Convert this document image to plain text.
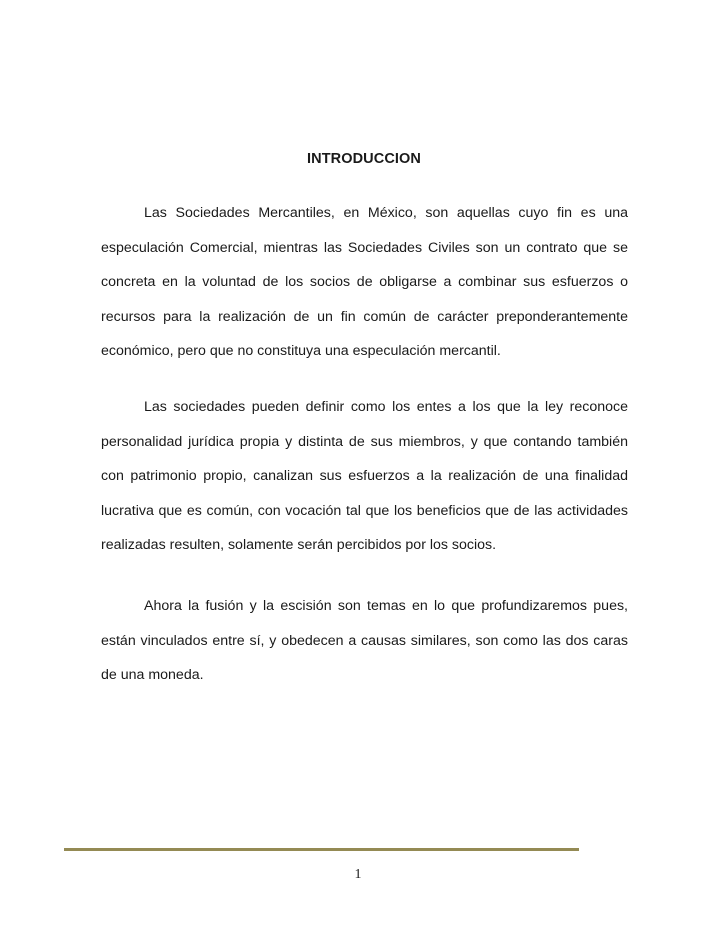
INTRODUCCION

Las Sociedades Mercantiles, en México, son aquellas cuyo fin es una especulación Comercial, mientras las Sociedades Civiles son un contrato que se concreta en la voluntad de los socios de obligarse a combinar sus esfuerzos o recursos para la realización de un fin común de carácter preponderantemente económico, pero que no constituya una especulación mercantil.

Las sociedades pueden definir como los entes a los que la ley reconoce personalidad jurídica propia y distinta de sus miembros, y que contando también con patrimonio propio, canalizan sus esfuerzos a la realización de una finalidad lucrativa que es común, con vocación tal que los beneficios que de las actividades realizadas resulten, solamente serán percibidos por los socios.

Ahora la fusión y la escisión son temas en lo que profundizaremos pues, están vinculados entre sí, y obedecen a causas similares, son como las dos caras de una moneda.

1
